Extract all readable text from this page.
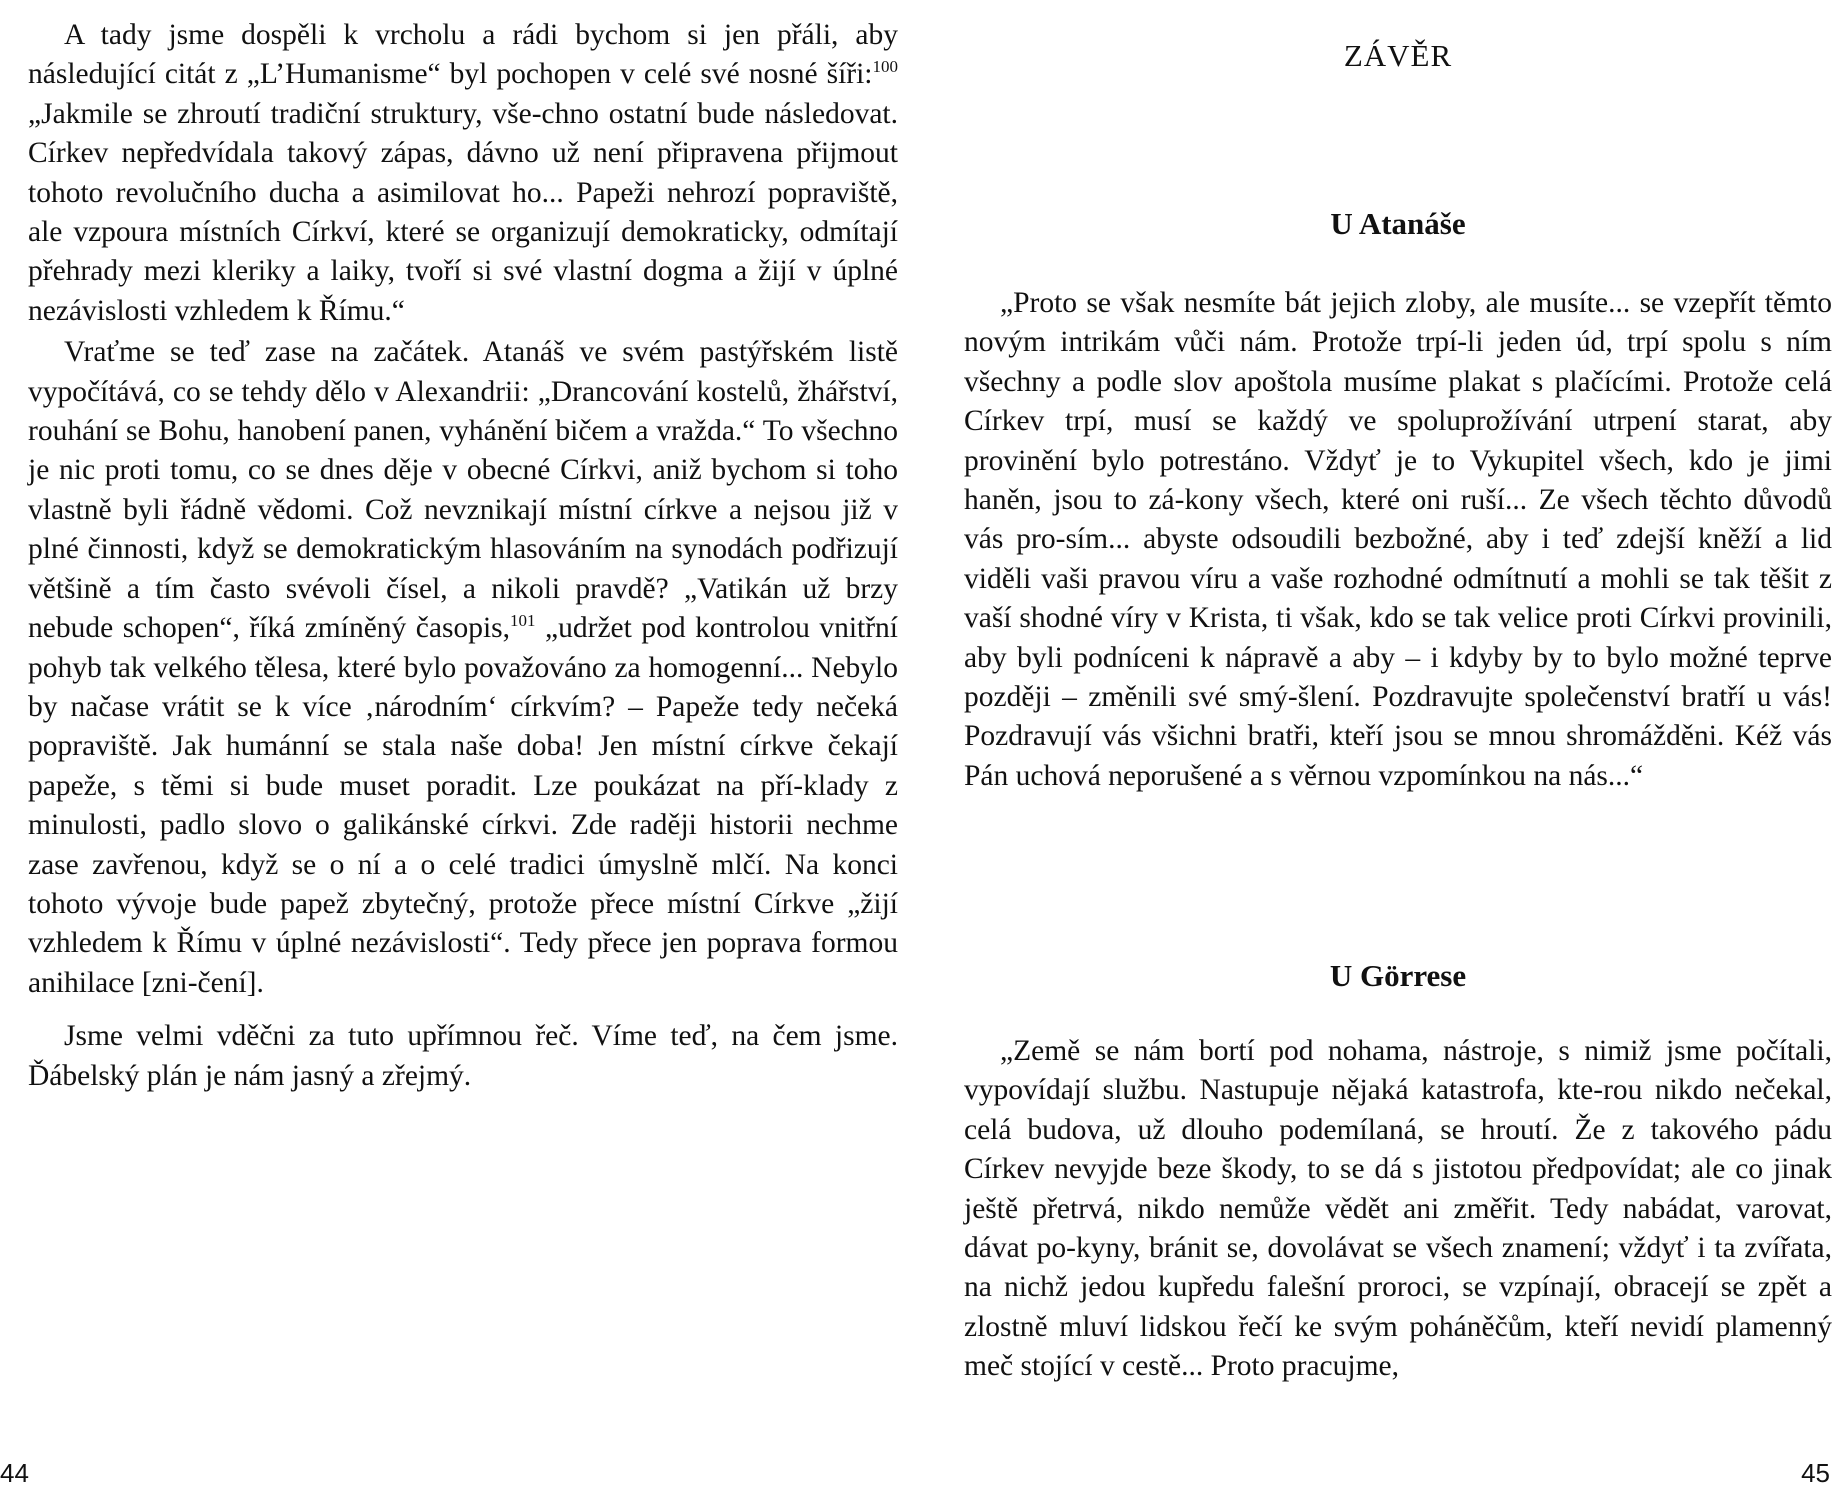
A tady jsme dospěli k vrcholu a rádi bychom si jen přáli, aby následující citát z „L’Humanisme“ byl pochopen v celé své nosné šíři:$^{100}$ „Jakmile se zhroutí tradiční struktury, vše-chno ostatní bude následovat. Církev nepředvídala takový zápas, dávno už není připravena přijmout tohoto revolučního ducha a asimilovat ho... Papeži nehrozí popraviště, ale vzpoura místních Církví, které se organizují demokraticky, odmítají přehrady mezi kleriky a laiky, tvoří si své vlastní dogma a žijí v úplné nezávislosti vzhledem k Římu.“

Vraťme se teď zase na začátek. Atanáš ve svém pastýřském listě vypočítává, co se tehdy dělo v Alexandrii: „Drancování kostelů, žhářství, rouhání se Bohu, hanobení panen, vyhánění bičem a vražda.“ To všechno je nic proti tomu, co se dnes děje v obecné Církvi, aniž bychom si toho vlastně byli řádně vědomi. Což nevznikají místní církve a nejsou již v plné činnosti, když se demokratickým hlasováním na synodách podřizují většině a tím často svévoli čísel, a nikoli pravdě? „Vatikán už brzy nebude schopen“, říká zmíněný časopis,$^{101}$ „udržet pod kontrolou vnitřní pohyb tak velkého tělesa, které bylo považováno za homogenní... Nebylo by načase vrátit se k více ‚národním‘ církvím? – Papeže tedy nečeká popraviště. Jak humánní se stala naše doba! Jen místní církve čekají papeže, s těmi si bude muset poradit. Lze poukázat na pří-klady z minulosti, padlo slovo o galikánské církvi. Zde raději historii nechme zase zavřenou, když se o ní a o celé tradici úmyslně mlčí. Na konci tohoto vývoje bude papež zbytečný, protože přece místní Církve „žijí vzhledem k Římu v úplné nezávislosti“. Tedy přece jen poprava formou anihilace [zni-čení].

Jsme velmi vděčni za tuto upřímnou řeč. Víme teď, na čem jsme. Ďábelský plán je nám jasný a zřejmý.

44

ZÁVĚR
U Atanáše

„Proto se však nesmíte bát jejich zloby, ale musíte... se vzepřít těmto novým intrikám vůči nám. Protože trpí-li jeden úd, trpí spolu s ním všechny a podle slov apoštola musíme plakat s plačícími. Protože celá Církev trpí, musí se každý ve spoluprožívání utrpení starat, aby provinění bylo potrestáno. Vždyť je to Vykupitel všech, kdo je jimi haněn, jsou to zá-kony všech, které oni ruší... Ze všech těchto důvodů vás pro-sím... abyste odsoudili bezbožné, aby i teď zdejší kněží a lid viděli vaši pravou víru a vaše rozhodné odmítnutí a mohli se tak těšit z vaší shodné víry v Krista, ti však, kdo se tak velice proti Církvi provinili, aby byli podníceni k nápravě a aby – i kdyby by to bylo možné teprve později – změnili své smý-šlení. Pozdravujte společenství bratří u vás! Pozdravují vás všichni bratři, kteří jsou se mnou shromážděni. Kéž vás Pán uchová neporušené a s věrnou vzpomínkou na nás...“

U Görrese

„Země se nám bortí pod nohama, nástroje, s nimiž jsme počítali, vypovídají službu. Nastupuje nějaká katastrofa, kte-rou nikdo nečekal, celá budova, už dlouho podemílaná, se hroutí. Že z takového pádu Církev nevyjde beze škody, to se dá s jistotou předpovídat; ale co jinak ještě přetrvá, nikdo nemůže vědět ani změřit. Tedy nabádat, varovat, dávat po-kyny, bránit se, dovolávat se všech znamení; vždyť i ta zvířata, na nichž jedou kupředu falešní proroci, se vzpínají, obracejí se zpět a zlostně mluví lidskou řečí ke svým poháněčům, kteří nevidí plamenný meč stojící v cestě... Proto pracujme,

45
